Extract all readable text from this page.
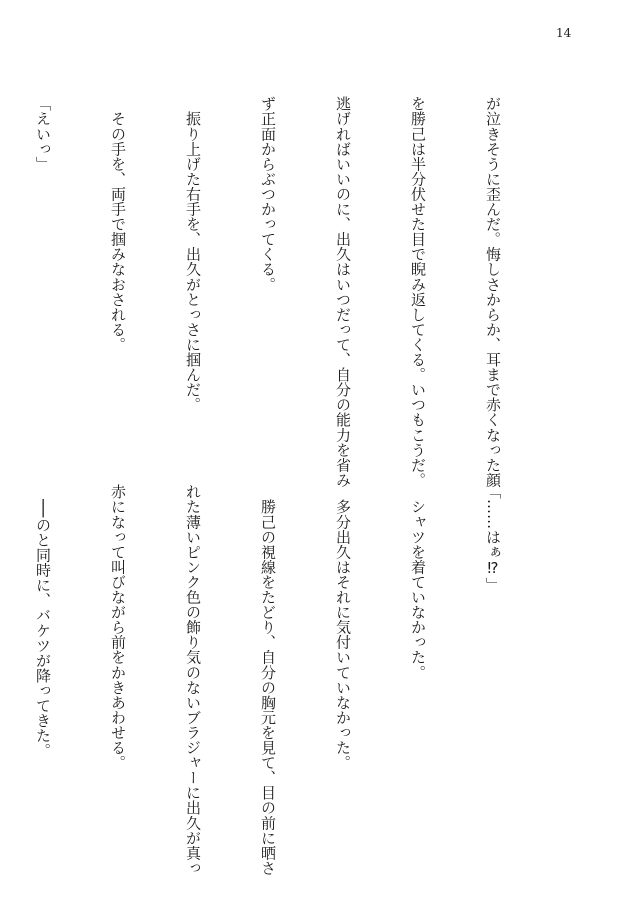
14

が泣きそうに歪んだ。悔しさからか、耳まで赤くなった顔

を勝己は半分伏せた目で睨み返してくる。いつもこうだ。

逃げればいいのに、出久はいつだって、自分の能力を省み

ず正面からぶつかってくる。

　振り上げた右手を、出久がとっさに掴んだ。

　その手を、両手で掴みなおされる。

「えいっ」

「……はぁ⁉」

　シャツを着ていなかった。

　多分出久はそれに気付いていなかった。

　勝己の視線をたどり、自分の胸元を見て、目の前に晒さ

れた薄いピンク色の飾り気のないブラジャーに出久が真っ

赤になって叫びながら前をかきあわせる。

　──のと同時に、バケツが降ってきた。
